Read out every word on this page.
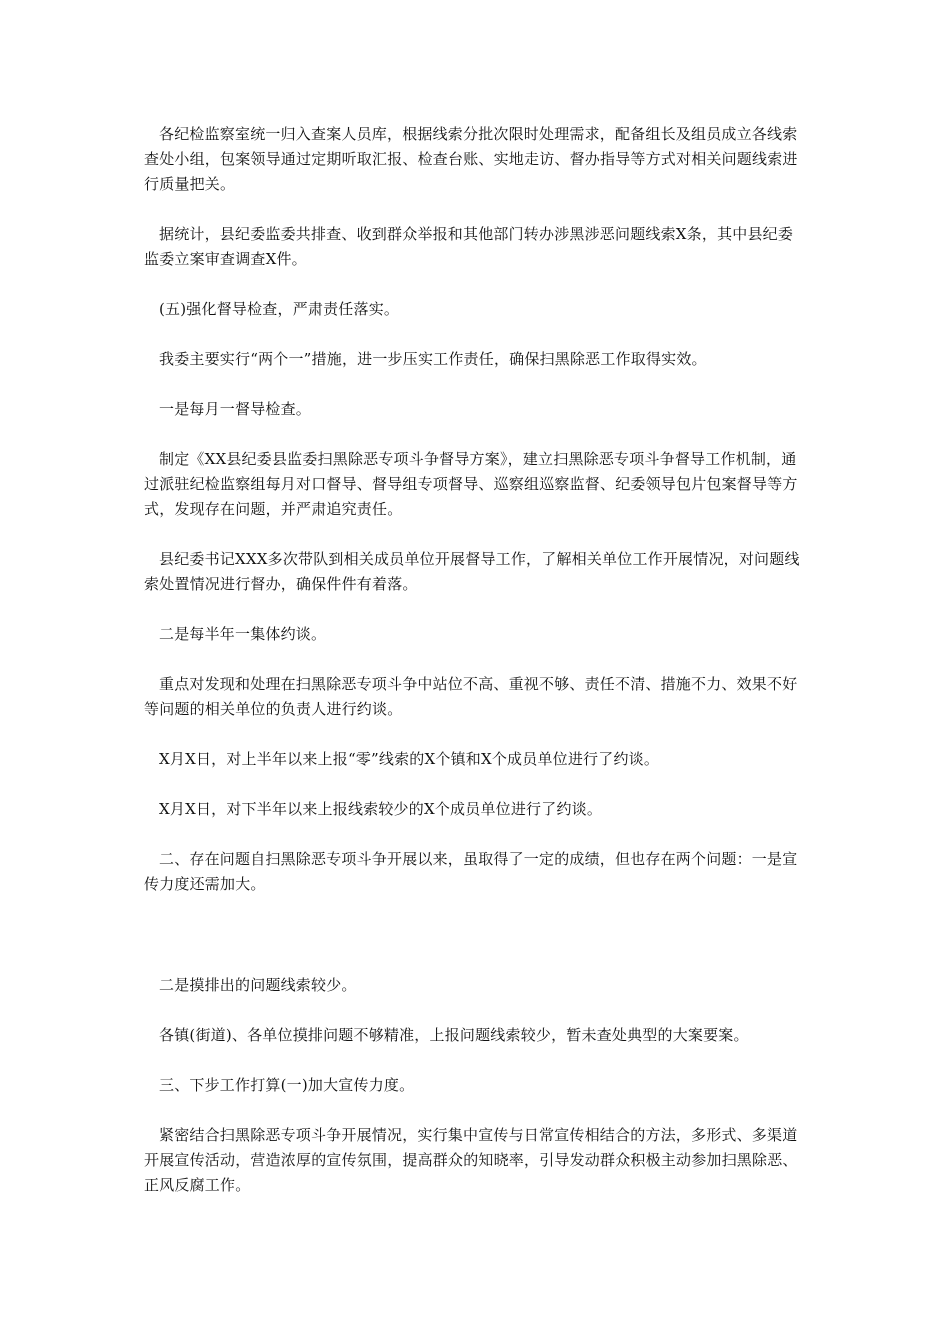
各纪检监察室统一归入查案人员库，根据线索分批次限时处理需求，配备组长及组员成立各线索查处小组，包案领导通过定期听取汇报、检查台账、实地走访、督办指导等方式对相关问题线索进行质量把关。

据统计，县纪委监委共排查、收到群众举报和其他部门转办涉黑涉恶问题线索X条，其中县纪委监委立案审查调查X件。

(五)强化督导检查，严肃责任落实。

我委主要实行“两个一”措施，进一步压实工作责任，确保扫黑除恶工作取得实效。

一是每月一督导检查。

制定《XX县纪委县监委扫黑除恶专项斗争督导方案》，建立扫黑除恶专项斗争督导工作机制，通过派驻纪检监察组每月对口督导、督导组专项督导、巡察组巡察监督、纪委领导包片包案督导等方式，发现存在问题，并严肃追究责任。

县纪委书记XXX多次带队到相关成员单位开展督导工作，了解相关单位工作开展情况，对问题线索处置情况进行督办，确保件件有着落。

二是每半年一集体约谈。

重点对发现和处理在扫黑除恶专项斗争中站位不高、重视不够、责任不清、措施不力、效果不好等问题的相关单位的负责人进行约谈。

X月X日，对上半年以来上报“零”线索的X个镇和X个成员单位进行了约谈。

X月X日，对下半年以来上报线索较少的X个成员单位进行了约谈。

二、存在问题自扫黑除恶专项斗争开展以来，虽取得了一定的成绩，但也存在两个问题：一是宣传力度还需加大。

二是摸排出的问题线索较少。

各镇(街道)、各单位摸排问题不够精准，上报问题线索较少，暂未查处典型的大案要案。

三、下步工作打算(一)加大宣传力度。

紧密结合扫黑除恶专项斗争开展情况，实行集中宣传与日常宣传相结合的方法，多形式、多渠道开展宣传活动，营造浓厚的宣传氛围，提高群众的知晓率，引导发动群众积极主动参加扫黑除恶、正风反腐工作。
